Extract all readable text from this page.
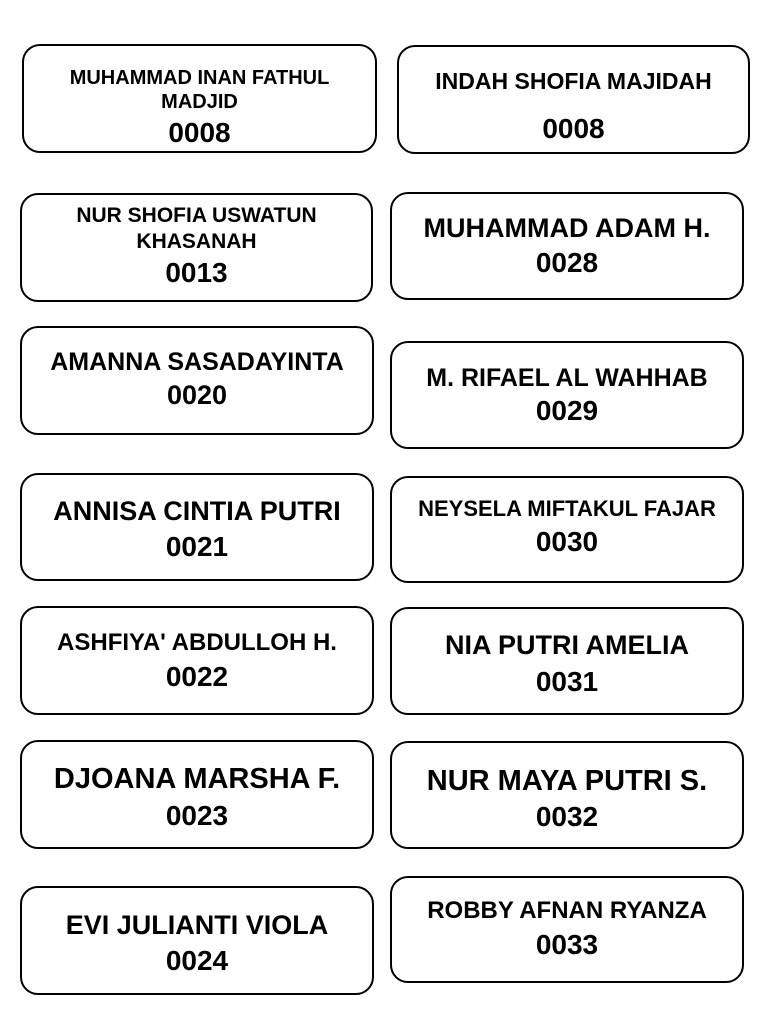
MUHAMMAD INAN FATHUL
MADJID
0008
NUR SHOFIA USWATUN
KHASANAH
0013
AMANNA SASADAYINTA
0020
ANNISA CINTIA PUTRI
0021
ASHFIYA' ABDULLOH H.
0022
DJOANA MARSHA F.
0023
EVI JULIANTI VIOLA
0024
INDAH SHOFIA MAJIDAH
0008
MUHAMMAD ADAM H.
0028
M. RIFAEL AL WAHHAB
0029
NEYSELA MIFTAKUL FAJAR
0030
NIA PUTRI AMELIA
0031
NUR MAYA PUTRI S.
0032
ROBBY AFNAN RYANZA
0033
